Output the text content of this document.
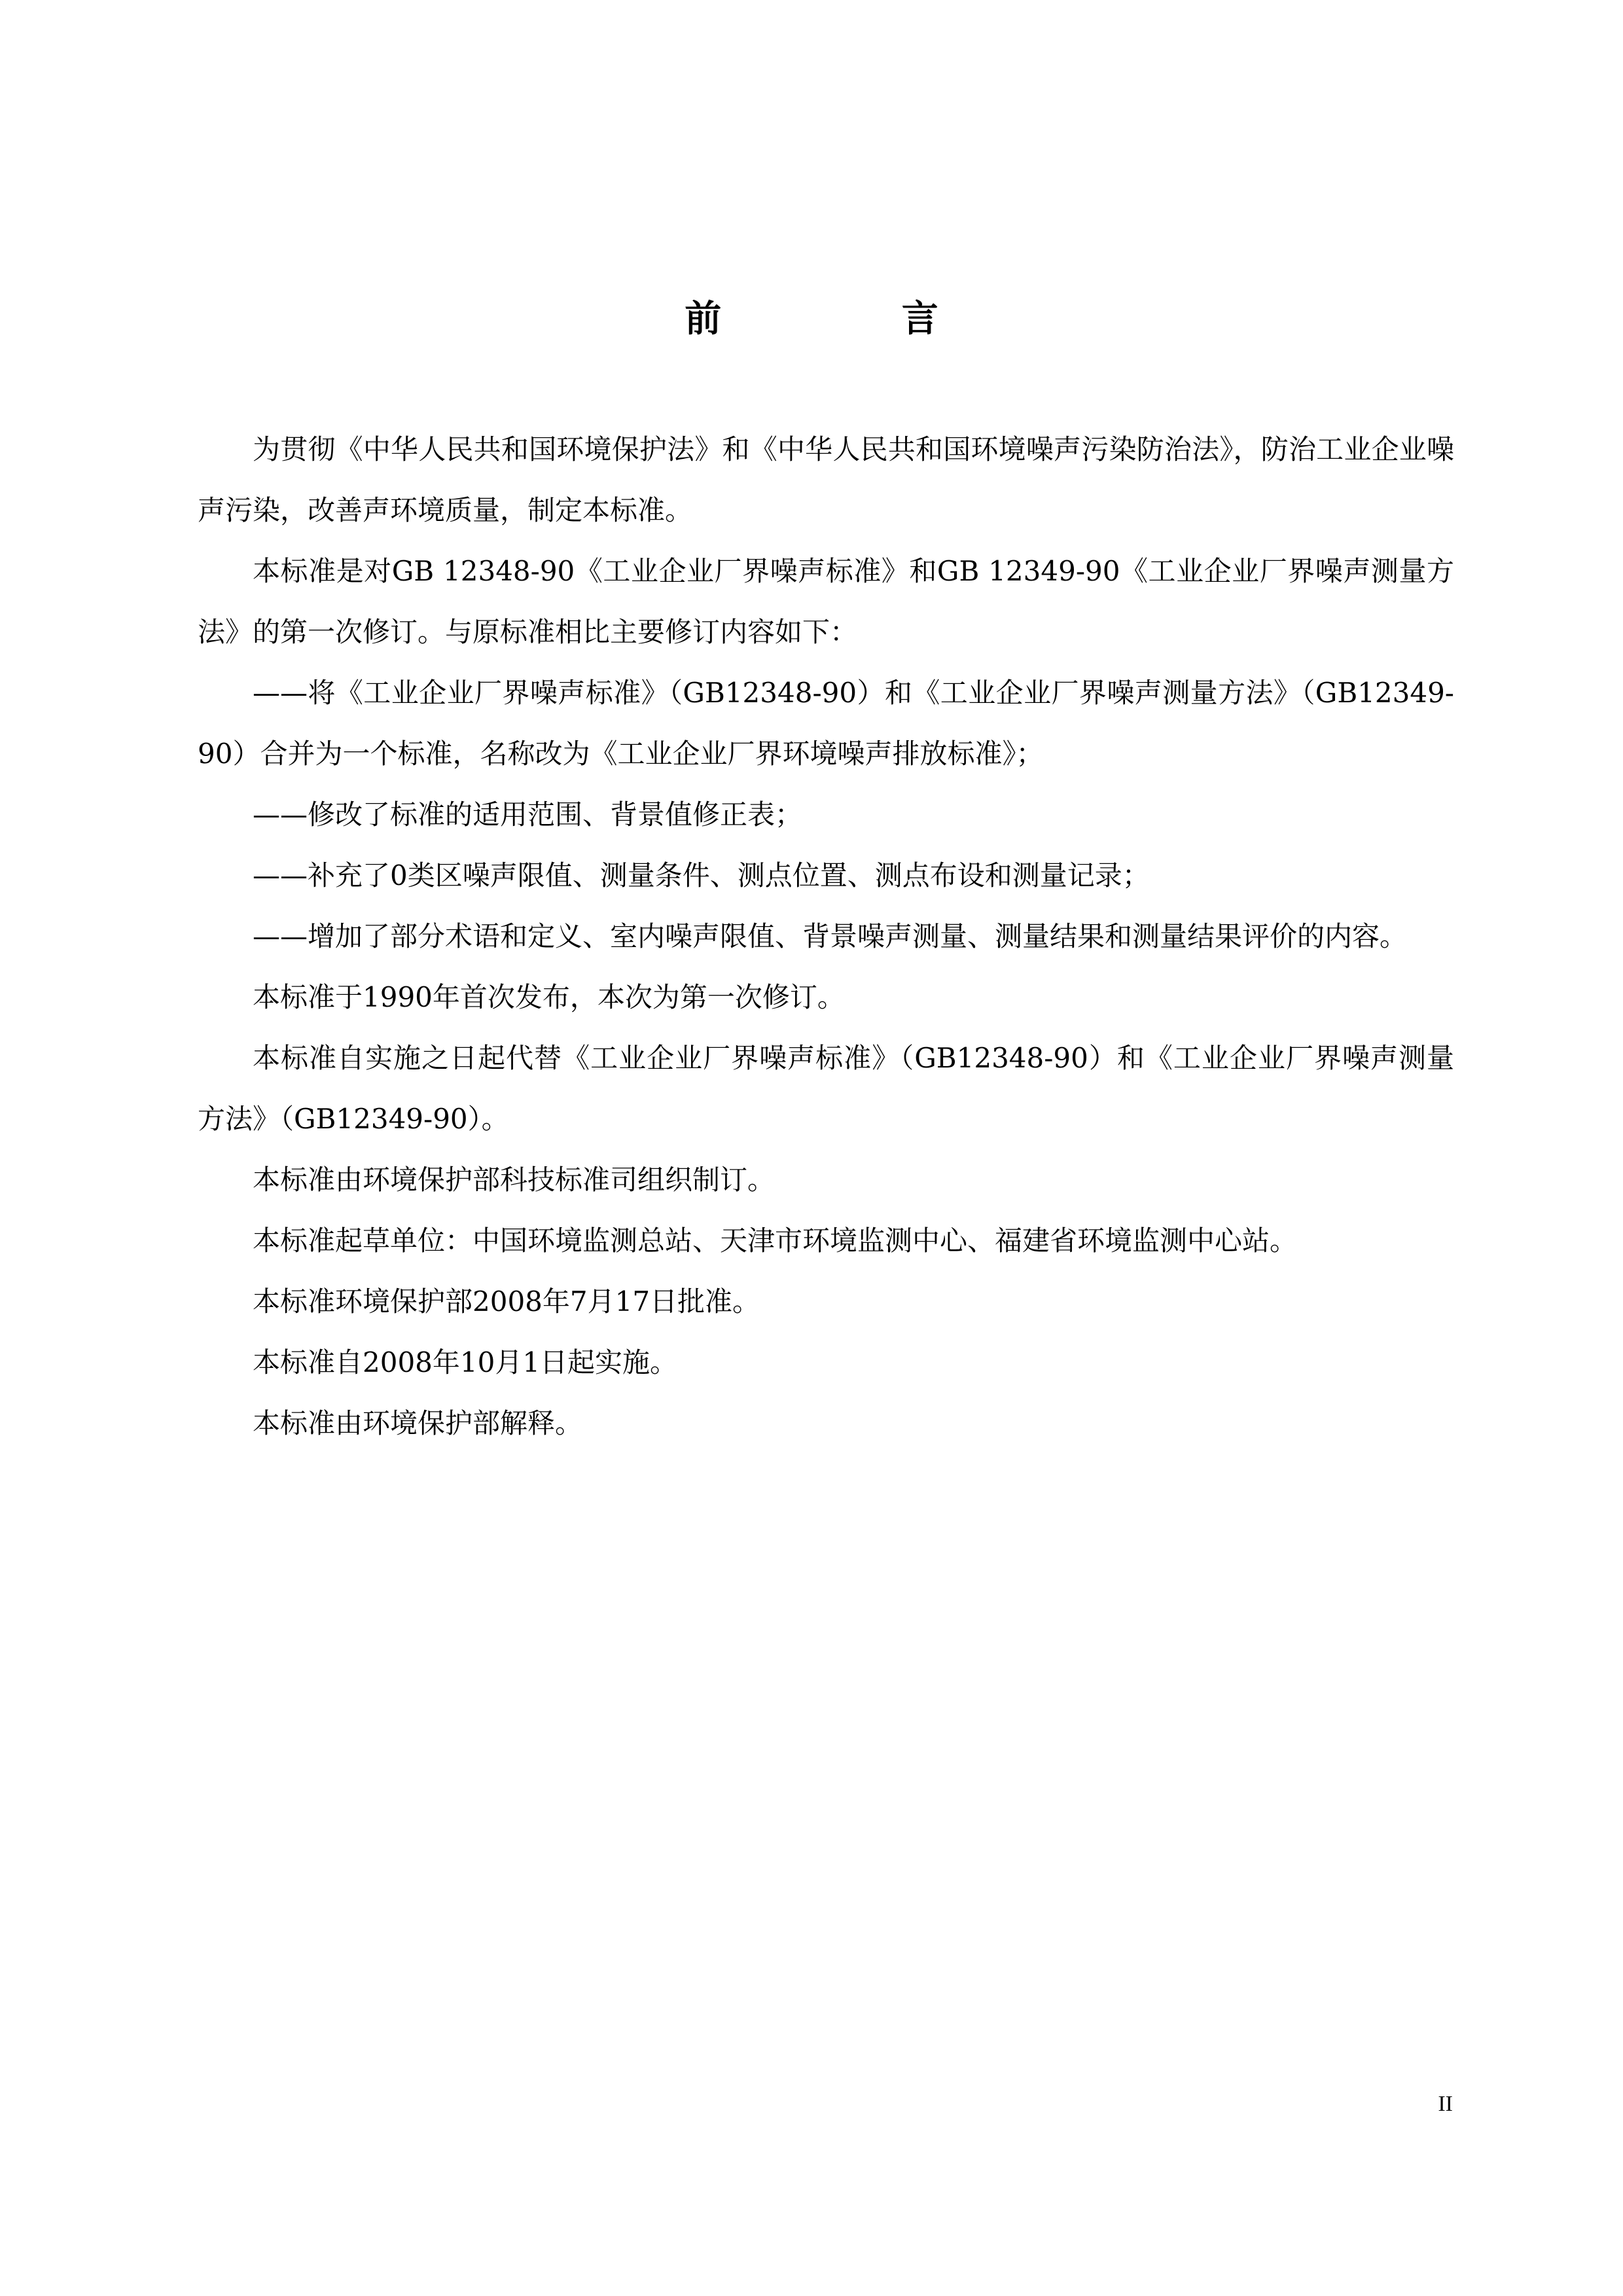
前 言

为贯彻《中华人民共和国环境保护法》和《中华人民共和国环境噪声污染防治法》，防治工业企业噪声污染，改善声环境质量，制定本标准。

本标准是对GB 12348-90《工业企业厂界噪声标准》和GB 12349-90《工业企业厂界噪声测量方法》的第一次修订。与原标准相比主要修订内容如下：

——将《工业企业厂界噪声标准》（GB12348-90）和《工业企业厂界噪声测量方法》（GB12349-90）合并为一个标准，名称改为《工业企业厂界环境噪声排放标准》；

——修改了标准的适用范围、背景值修正表；

——补充了0类区噪声限值、测量条件、测点位置、测点布设和测量记录；

——增加了部分术语和定义、室内噪声限值、背景噪声测量、测量结果和测量结果评价的内容。

本标准于1990年首次发布，本次为第一次修订。

本标准自实施之日起代替《工业企业厂界噪声标准》（GB12348-90）和《工业企业厂界噪声测量方法》（GB12349-90）。

本标准由环境保护部科技标准司组织制订。

本标准起草单位：中国环境监测总站、天津市环境监测中心、福建省环境监测中心站。

本标准环境保护部2008年7月17日批准。

本标准自2008年10月1日起实施。

本标准由环境保护部解释。

II
